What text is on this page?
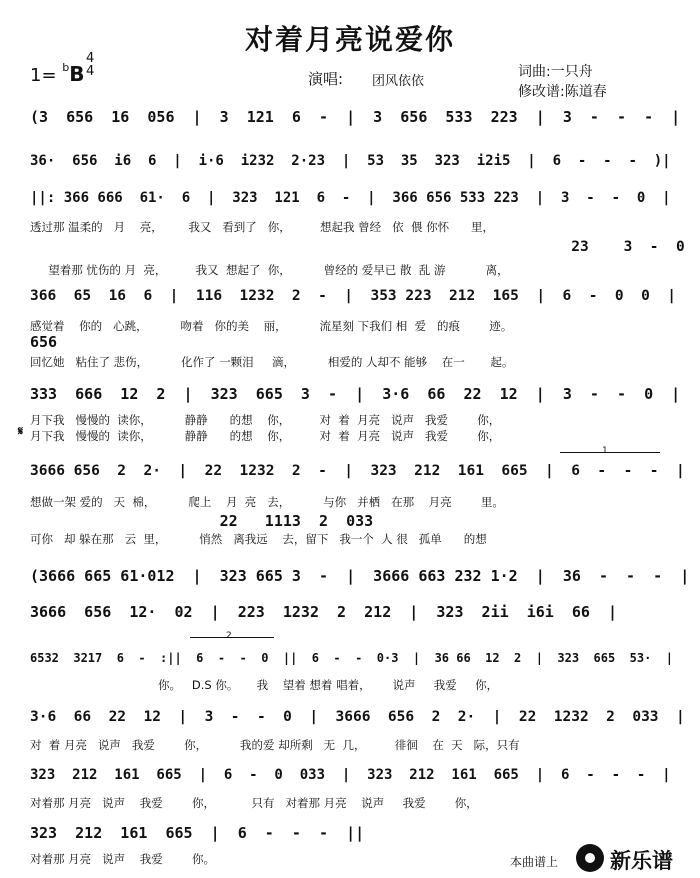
对着月亮说爱你
1= $^b$B
4
4	演唱: 团风依依
词曲:一只舟
修改谱:陈道春
(3  656  16  056  |  3  121  6  -  |  3  656  533  223  |  3  -  -  -  |
36·  656  i6  6  |  i·6  i232  2·23  |  53  35  323  i2i5  |  6  -  -  -  )|
||: 366 666  61·  6  |  323  121  6  -  |  366 656 533 223  |  3  -  -  0  |
透过那 温柔的   月    亮，       我又   看到了   你，        想起我 曾经   依  偎 你怀      里，
23    3  -  0
望着那 忧伤的 月  亮，        我又  想起了  你，         曾经的 爱早已 散  乱 游           离，
366  65  16  6  |  116  1232  2  -  |  353 223  212  165  |  6  -  0  0  |
感觉着    你的   心跳，         吻着   你的美    丽，         流星刻 下我们 相  爱   的痕        迹。
656
回忆她   粘住了 悲伤，         化作了 一颗泪     滴，         相爱的 人却不 能够    在一       起。
333  666  12  2  |  323  665  3  -  |  3·6  66  22  12  |  3  -  -  0  |
月下我   慢慢的  读你，         静静      的想    你，        对  着  月亮   说声   我爱        你，
月下我   慢慢的  读你，         静静      的想    你，        对  着  月亮   说声   我爱        你，
3666 656  2  2·  |  22  1232  2  -  |  323  212  161  665  |  6  -  -  -  |
想做一架 爱的   天  棉，         爬上    月  亮   去，         与你   并栖   在那    月亮        里。
22   1113  2  033
可你   却 躲在那   云  里，         悄然   离我远    去，留下   我一个  人 很   孤单      的想
(3666 665 61·012  |  323 665 3  -  |  3666 663 232 1·2  |  36  -  -  -  |
3666  656  12·  02  |  223  1232  2  212  |  323  2ii  i6i  66  |
6532  3217  6  -  :||  6  -  -  0  ||  6  -  -  0·3  |  36 66  12  2  |  323  665  53·  |
你。   D.S 你。     我    望着 想着 唱着，      说声     我爱     你，
3·6  66  22  12  |  3  -  -  0  |  3666  656  2  2·  |  22  1232  2  033  |
对  着 月亮   说声   我爱        你，         我的爱 却所剩   无  几，        徘徊    在  天   际，只有
323  212  161  665  |  6  -  0  033  |  323  212  161  665  |  6  -  -  -  |
对着那 月亮   说声    我爱        你，          只有   对着那 月亮    说声     我爱        你，
323  212  161  665  |  6  -  -  -  ||
对着那 月亮   说声    我爱        你。
𝄋
1
2
本曲谱上 新乐谱
